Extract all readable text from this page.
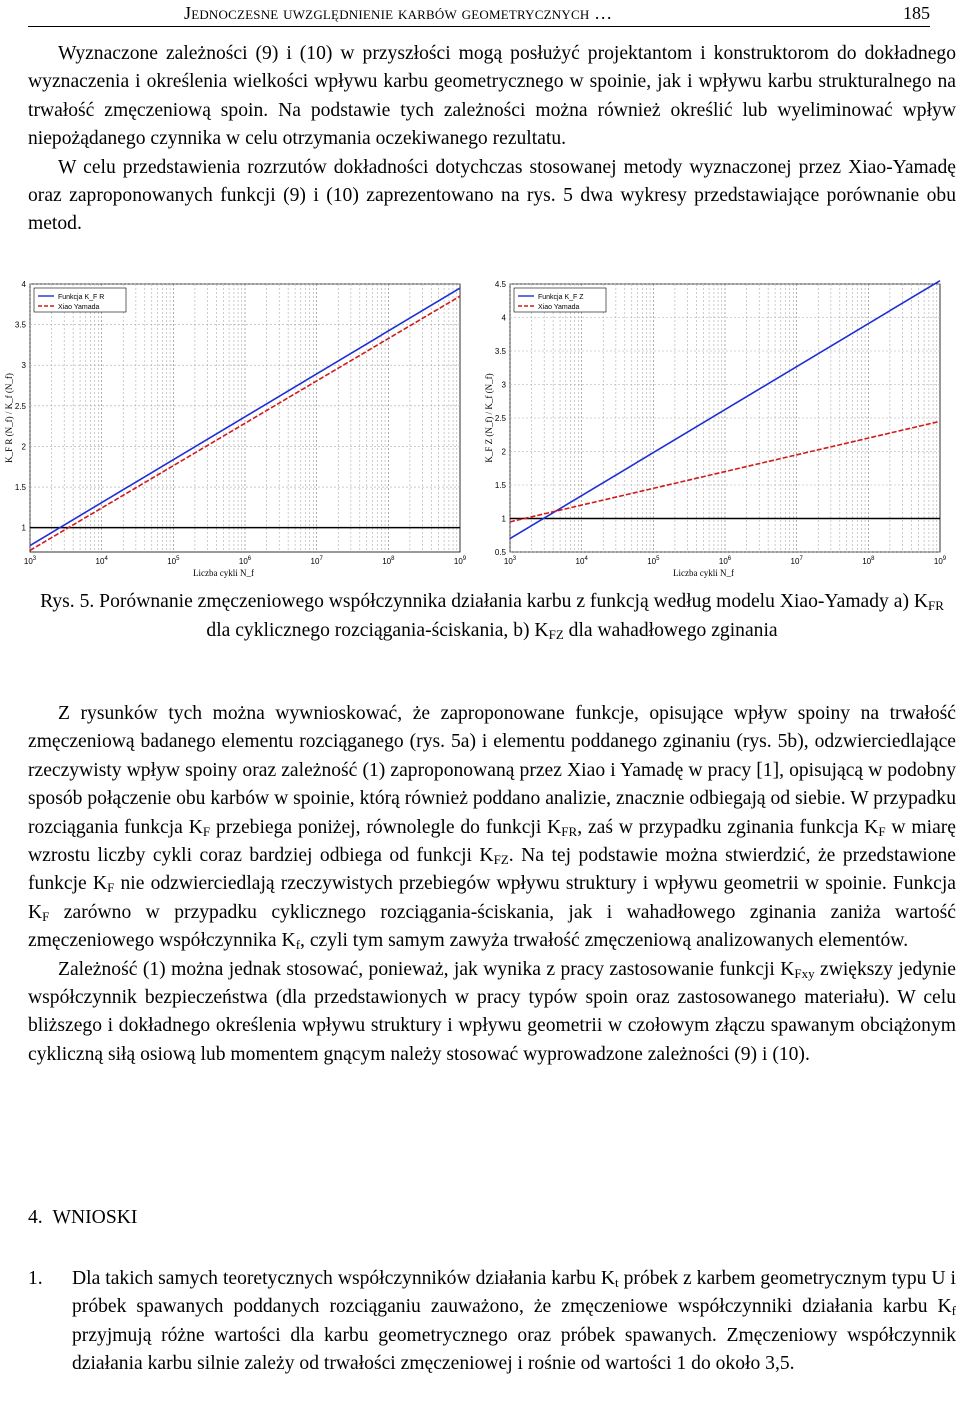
Jednoczesne uwzględnienie karbów geometrycznych …	185

Wyznaczone zależności (9) i (10) w przyszłości mogą posłużyć projektantom i konstruktorom do dokładnego wyznaczenia i określenia wielkości wpływu karbu geometrycznego w spoinie, jak i wpływu karbu strukturalnego na trwałość zmęczeniową spoin. Na podstawie tych zależności można również określić lub wyeliminować wpływ niepożądanego czynnika w celu otrzymania oczekiwanego rezultatu.

W celu przedstawienia rozrzutów dokładności dotychczas stosowanej metody wyznaczonej przez Xiao-Yamadę oraz zaproponowanych funkcji (9) i (10) zaprezentowano na rys. 5 dwa wykresy przedstawiające porównanie obu metod.

1
1.5
2
2.5
3
3.5
4
$10^3$	$10^4$	$10^5$	$10^6$	$10^7$	$10^8$	$10^9$
Liczba cykli N_f
K_F R (N_f) / K_f (N_f)
Funkcja K_F R
Xiao Yamada
0.5
1
1.5
2
2.5
3
3.5
4
4.5
$10^3$	$10^4$	$10^5$	$10^6$	$10^7$	$10^8$	$10^9$
Liczba cykli N_f
K_F Z (N_f) / K_f (N_f)
Funkcja K_F Z
Xiao Yamada
Rys. 5. Porównanie zmęczeniowego współczynnika działania karbu z funkcją według modelu Xiao-Yamady a) $K_{FR}$ dla cyklicznego rozciągania-ściskania, b) $K_{FZ}$ dla wahadłowego zginania

Z rysunków tych można wywnioskować, że zaproponowane funkcje, opisujące wpływ spoiny na trwałość zmęczeniową badanego elementu rozciąganego (rys. 5a) i elementu poddanego zginaniu (rys. 5b), odzwierciedlające rzeczywisty wpływ spoiny oraz zależność (1) zaproponowaną przez Xiao i Yamadę w pracy [1], opisującą w podobny sposób połączenie obu karbów w spoinie, którą również poddano analizie, znacznie odbiegają od siebie. W przypadku rozciągania funkcja $K_F$ przebiega poniżej, równolegle do funkcji $K_{FR}$, zaś w przypadku zginania funkcja $K_F$ w miarę wzrostu liczby cykli coraz bardziej odbiega od funkcji $K_{FZ}$. Na tej podstawie można stwierdzić, że przedstawione funkcje $K_F$ nie odzwierciedlają rzeczywistych przebiegów wpływu struktury i wpływu geometrii w spoinie. Funkcja $K_F$ zarówno w przypadku cyklicznego rozciągania-ściskania, jak i wahadłowego zginania zaniża wartość zmęczeniowego współczynnika $K_f$, czyli tym samym zawyża trwałość zmęczeniową analizowanych elementów.

Zależność (1) można jednak stosować, ponieważ, jak wynika z pracy zastosowanie funkcji $K_{Fxy}$ zwiększy jedynie współczynnik bezpieczeństwa (dla przedstawionych w pracy typów spoin oraz zastosowanego materiału). W celu bliższego i dokładnego określenia wpływu struktury i wpływu geometrii w czołowym złączu spawanym obciążonym cykliczną siłą osiową lub momentem gnącym należy stosować wyprowadzone zależności (9) i (10).

4. WNIOSKI
1. Dla takich samych teoretycznych współczynników działania karbu $K_t$ próbek z karbem geometrycznym typu U i próbek spawanych poddanych rozciąganiu zauważono, że zmęczeniowe współczynniki działania karbu $K_f$ przyjmują różne wartości dla karbu geometrycznego oraz próbek spawanych. Zmęczeniowy współczynnik działania karbu silnie zależy od trwałości zmęczeniowej i rośnie od wartości 1 do około 3,5.
